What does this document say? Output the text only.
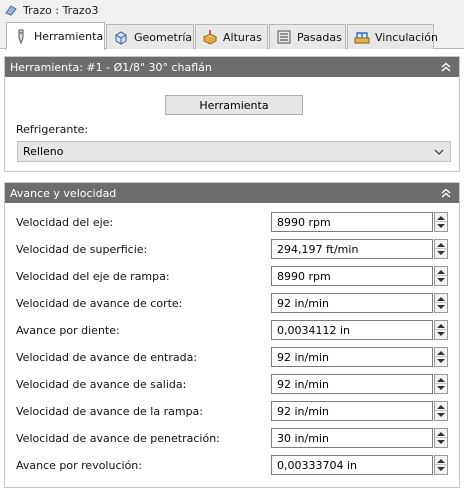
Trazo : Trazo3
Herramienta	Geometría	Alturas	Pasadas	Vinculación
Herramienta: #1 - Ø1/8" 30° chaflán
Herramienta
Refrigerante:
Relleno
Avance y velocidad
Velocidad del eje:	8990 rpm
Velocidad de superficie:	294,197 ft/min
Velocidad del eje de rampa:	8990 rpm
Velocidad de avance de corte:	92 in/min
Avance por diente:	0,0034112 in
Velocidad de avance de entrada:	92 in/min
Velocidad de avance de salida:	92 in/min
Velocidad de avance de la rampa:	92 in/min
Velocidad de avance de penetración:	30 in/min
Avance por revolución:	0,00333704 in
